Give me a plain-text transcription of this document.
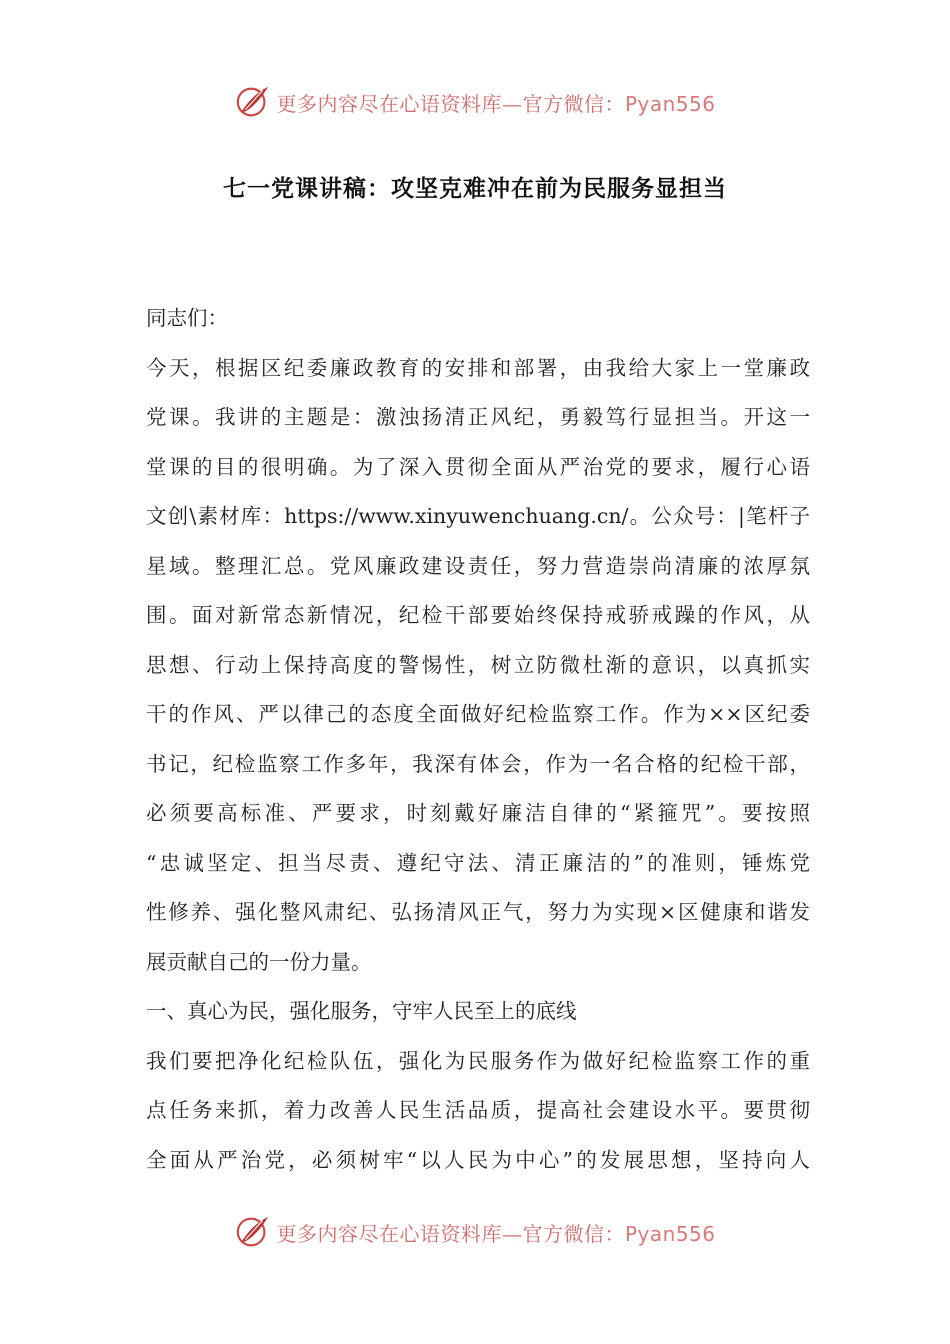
更多内容尽在心语资料库—官方微信：Pyan556
七一党课讲稿：攻坚克难冲在前为民服务显担当
同志们：
今天，根据区纪委廉政教育的安排和部署，由我给大家上一堂廉政
党课。我讲的主题是：激浊扬清正风纪，勇毅笃行显担当。开这一
堂课的目的很明确。为了深入贯彻全面从严治党的要求，履行心语
文创\素材库：https://www.xinyuwenchuang.cn/。公众号：|笔杆子
星域。整理汇总。党风廉政建设责任，努力营造崇尚清廉的浓厚氛
围。面对新常态新情况，纪检干部要始终保持戒骄戒躁的作风，从
思想、行动上保持高度的警惕性，树立防微杜渐的意识，以真抓实
干的作风、严以律己的态度全面做好纪检监察工作。作为××区纪委
书记，纪检监察工作多年，我深有体会，作为一名合格的纪检干部，
必须要高标准、严要求，时刻戴好廉洁自律的“紧箍咒”。要按照
“忠诚坚定、担当尽责、遵纪守法、清正廉洁的”的准则，锤炼党
性修养、强化整风肃纪、弘扬清风正气，努力为实现×区健康和谐发
展贡献自己的一份力量。
一、真心为民，强化服务，守牢人民至上的底线
我们要把净化纪检队伍，强化为民服务作为做好纪检监察工作的重
点任务来抓，着力改善人民生活品质，提高社会建设水平。要贯彻
全面从严治党，必须树牢“以人民为中心”的发展思想，坚持向人
更多内容尽在心语资料库—官方微信：Pyan556
